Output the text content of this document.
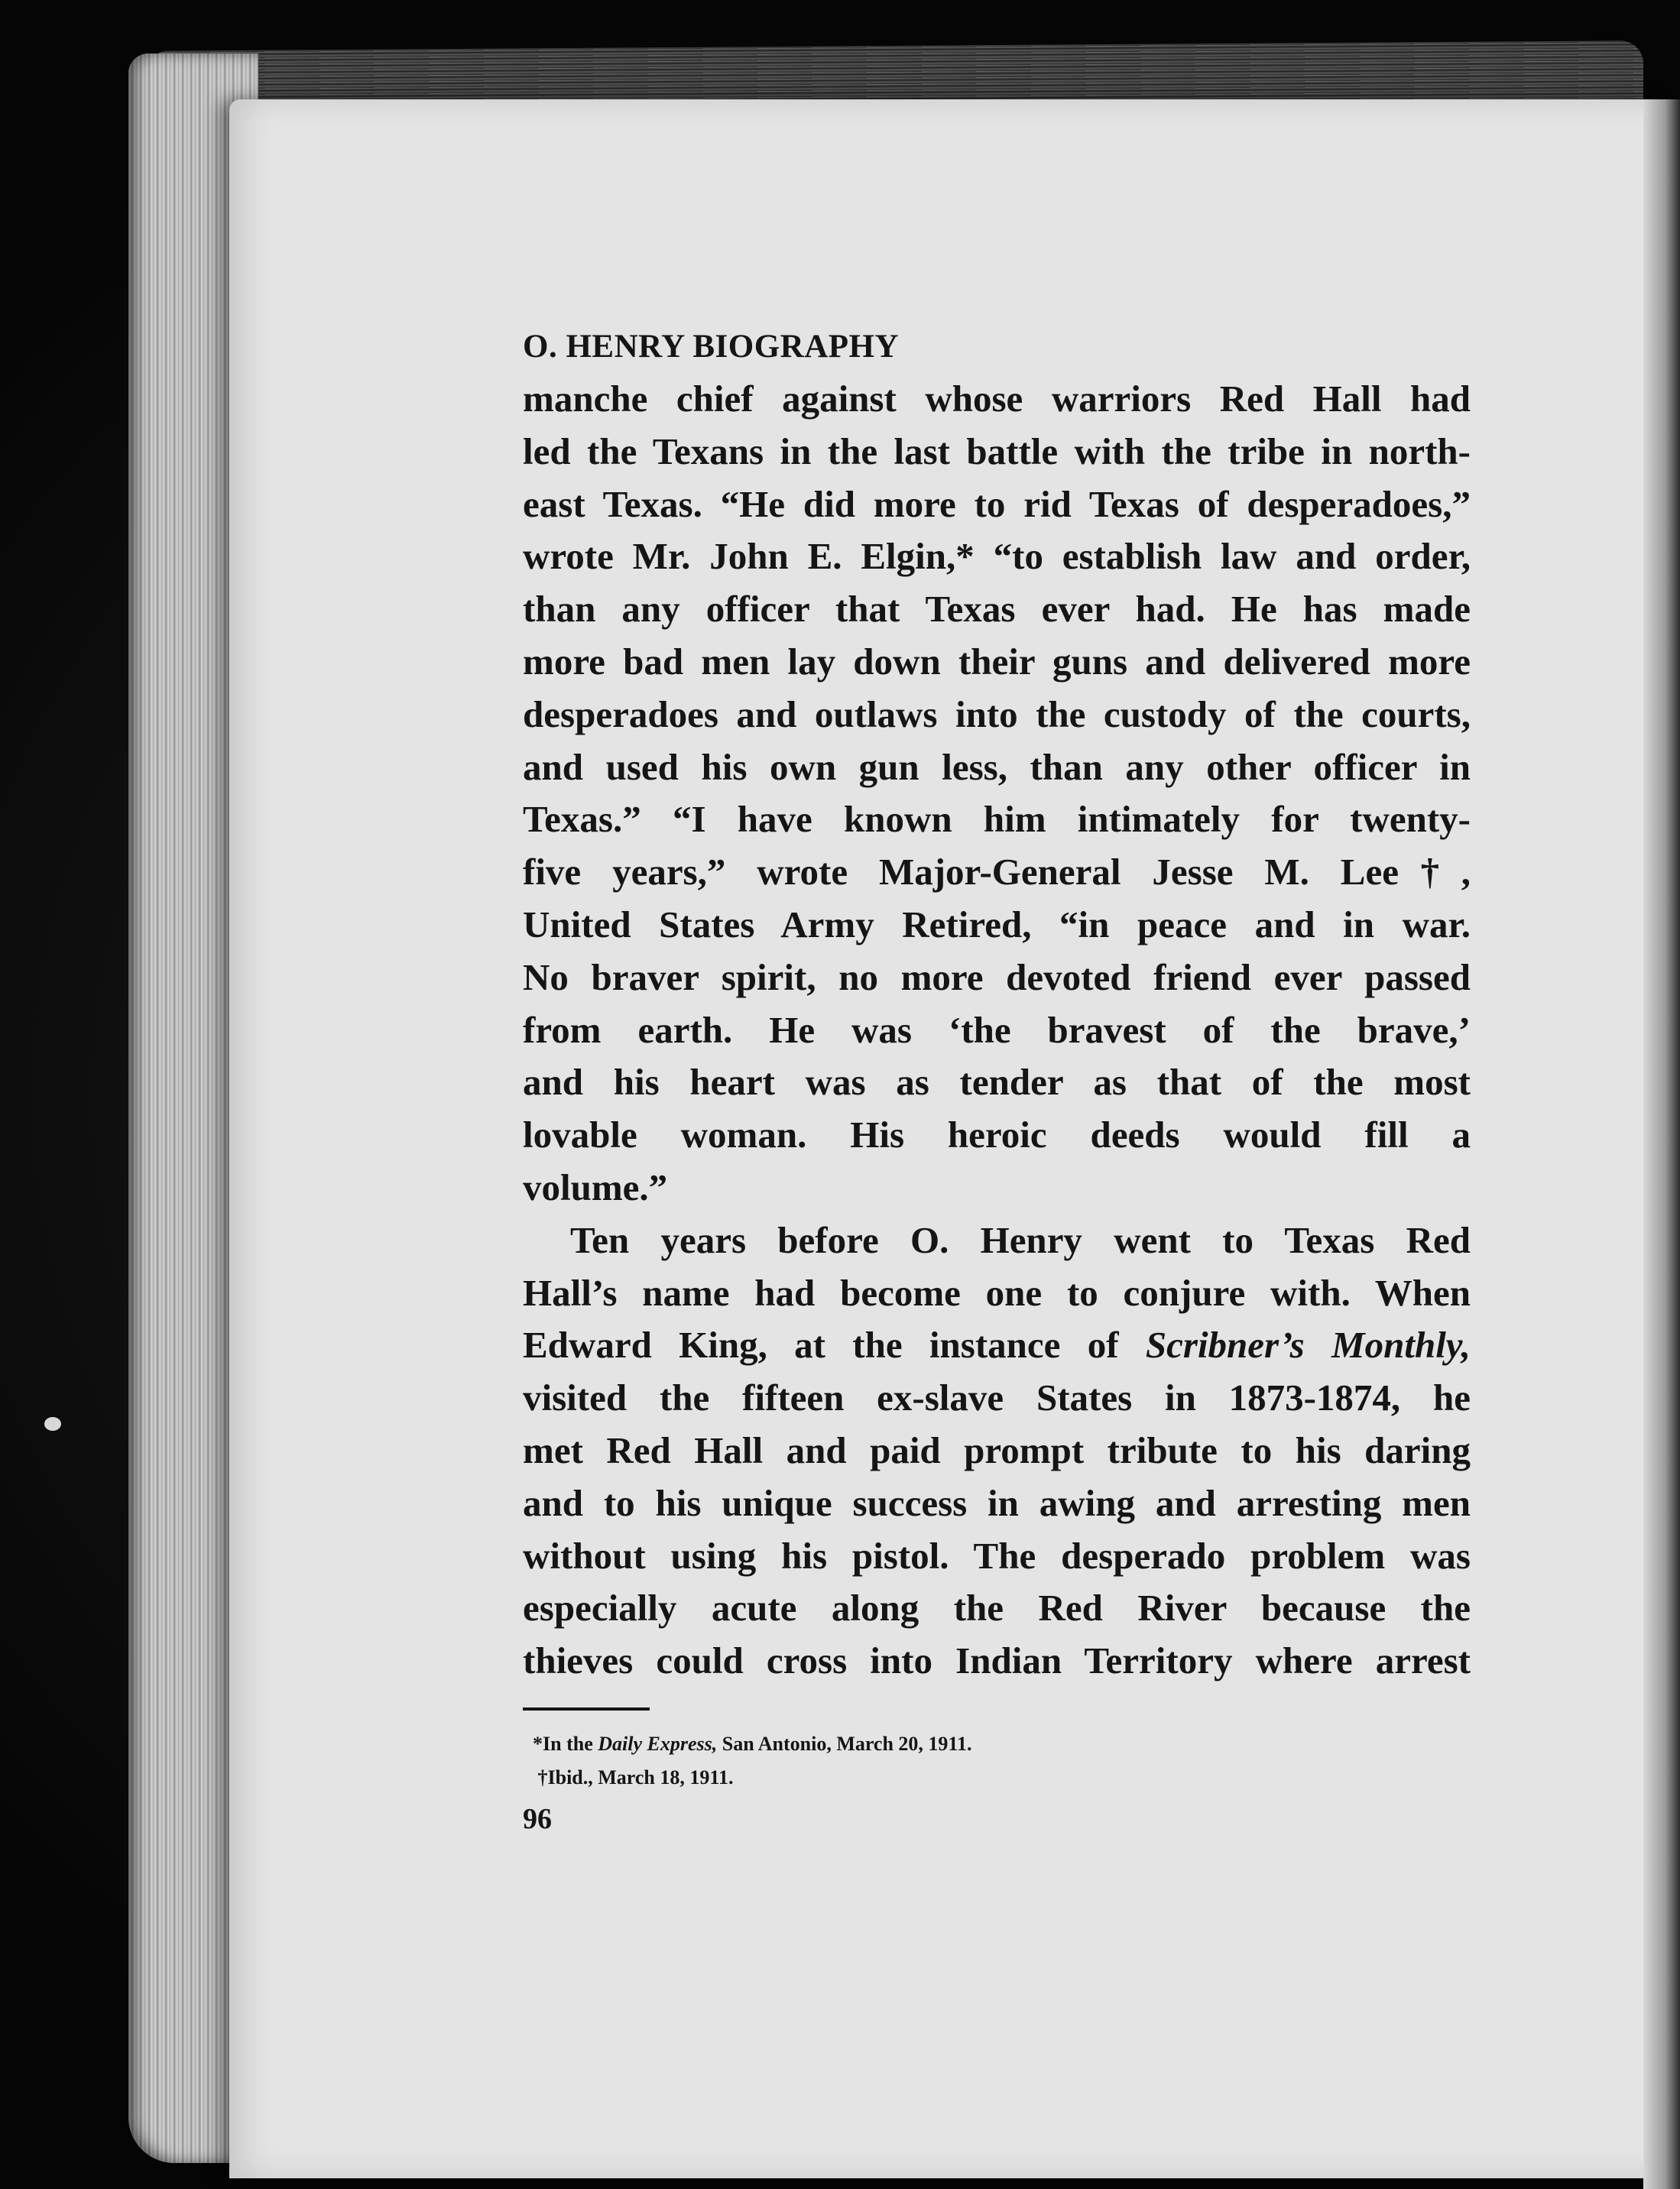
O. HENRY BIOGRAPHY
manche chief against whose warriors Red Hall had
led the Texans in the last battle with the tribe in north-
east Texas. “He did more to rid Texas of desperadoes,”
wrote Mr. John E. Elgin,* “to establish law and order,
than any officer that Texas ever had. He has made
more bad men lay down their guns and delivered more
desperadoes and outlaws into the custody of the courts,
and used his own gun less, than any other officer in
Texas.” “I have known him intimately for twenty-
five years,” wrote Major-General Jesse M. Lee†,
United States Army Retired, “in peace and in war.
No braver spirit, no more devoted friend ever passed
from earth. He was ‘the bravest of the brave,’
and his heart was as tender as that of the most
lovable woman. His heroic deeds would fill a
volume.”
Ten years before O. Henry went to Texas Red
Hall’s name had become one to conjure with. When
Edward King, at the instance of Scribner’s Monthly,
visited the fifteen ex-slave States in 1873-1874, he
met Red Hall and paid prompt tribute to his daring
and to his unique success in awing and arresting men
without using his pistol. The desperado problem was
especially acute along the Red River because the
thieves could cross into Indian Territory where arrest
*In the Daily Express, San Antonio, March 20, 1911.
†Ibid., March 18, 1911.
96
